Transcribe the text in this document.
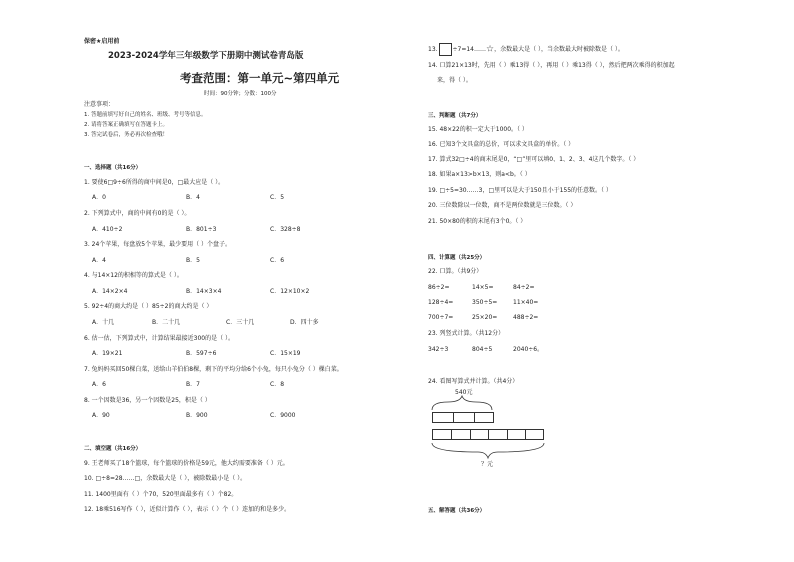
保密★启用前
2023-2024学年三年级数学下册期中测试卷青岛版
考查范围：第一单元~第四单元
时间：90分钟；分数：100分
注意事项：
1. 答题前填写好自己的姓名、班级、考号等信息。
2. 请将答案正确填写在答题卡上。
3. 答完试卷后，务必再次检查哦！
一、选择题（共16分）
1. 要使6□9÷6所得的商中间是0，□最大应是（ ）。
A．0	B．4	C．5
2. 下列算式中，商的中间有0的是（ ）。
A．410÷2	B．801÷3	C．328÷8
3. 24个苹果，每盘放5个苹果，最少要用（ ）个盘子。
A．4	B．5	C．6
4. 与14×12的积相等的算式是（ ）。
A．14×2×4	B．14×3×4	C．12×10×2
5. 92÷4的商大约是（ ）85÷2的商大约是（ ）
A．十几	B．二十几	C．三十几	D．四十多
6. 估一估，下列算式中，计算结果最接近300的是（ ）。
A．19×21	B．597÷6	C．15×19
7. 兔妈妈买回50棵白菜，送给山羊伯伯8棵，剩下的平均分给6个小兔，每只小兔分（ ）棵白菜。
A．6	B．7	C．8
8. 一个因数是36，另一个因数是25，积是（ ）
A．90	B．900	C．9000
二、填空题（共16分）
9. 王老师买了18个篮球，每个篮球的价格是59元，他大约需要准备（ ）元。
10. □÷8=28……□，余数最大是（ ），被除数最小是（ ）。
11. 1400里面有（ ）个70，520里面最多有（ ）个82。
12. 18乘516写作（ ），近似计算作（ ），表示（ ）个（ ）连加的和是多少。
13. ÷7=14……☆，余数最大是（ ），当余数最大时被除数是（ ）。
14. 口算21×13时，先用（ ）乘13得（ ），再用（ ）乘13得（ ），然后把两次乘得的积加起
来，得（ ）。
三、判断题（共7分）
15. 48×22的积一定大于1000。（ ）
16. 已知3个文具盒的总价，可以求文具盒的单价。（ ）
17. 算式32□÷4的商末尾是0，“□”里可以填0、1、2、3、4这几个数字。（ ）
18. 如果a×13>b×13，则a<b。（ ）
19. □÷5=30……3，□里可以是大于150且小于155的任意数。（ ）
20. 三位数除以一位数，商不是两位数就是三位数。（ ）
21. 50×80的积的末尾有3个0。（ ）
四、计算题（共25分）
22. 口算。（共9分）
86÷2=	14×5=	84÷2=
128÷4=	350÷5=	11×40=
700÷7=	25×20=	488÷2=
23. 列竖式计算。（共12分）
342÷3	804÷5	2040÷6。
24. 看图写算式并计算。（共4分）
540元
？元
五、解答题（共36分）
